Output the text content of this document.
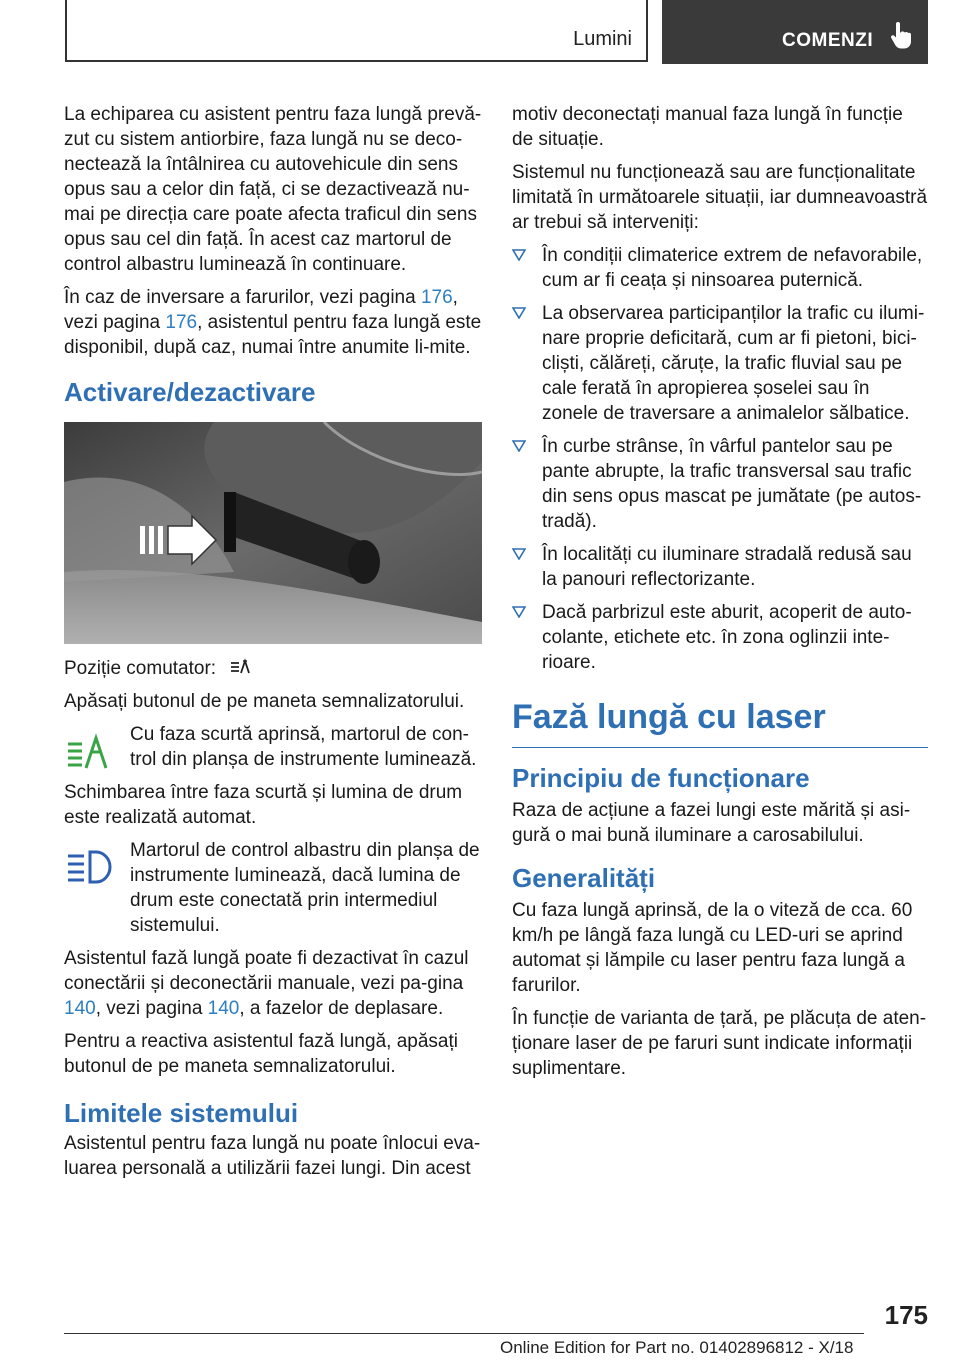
Lumini	COMENZI

La echiparea cu asistent pentru faza lungă prevă-zut cu sistem antiorbire, faza lungă nu se deco-nectează la întâlnirea cu autovehicule din sens opus sau a celor din față, ci se dezactivează nu-mai pe direcția care poate afecta traficul din sens opus sau cel din față. În acest caz martorul de control albastru luminează în continuare.

În caz de inversare a farurilor, vezi pagina 176, vezi pagina 176, asistentul pentru faza lungă este disponibil, după caz, numai între anumite li-mite.

Activare/dezactivare

Poziție comutator:

Apăsați butonul de pe maneta semnalizatorului.

Cu faza scurtă aprinsă, martorul de con-trol din planșa de instrumente luminează.

Schimbarea între faza scurtă și lumina de drum este realizată automat.

Martorul de control albastru din planșa de instrumente luminează, dacă lumina de drum este conectată prin intermediul sistemului.

Asistentul fază lungă poate fi dezactivat în cazul conectării și deconectării manuale, vezi pa-gina 140, vezi pagina 140, a fazelor de deplasare.

Pentru a reactiva asistentul fază lungă, apăsați butonul de pe maneta semnalizatorului.

Limitele sistemului

Asistentul pentru faza lungă nu poate înlocui eva-luarea personală a utilizării fazei lungi. Din acest

motiv deconectați manual faza lungă în funcție de situație.

Sistemul nu funcționează sau are funcționalitate limitată în următoarele situații, iar dumneavoastră ar trebui să interveniți:

În condiții climaterice extrem de nefavorabile, cum ar fi ceața și ninsoarea puternică.
La observarea participanților la trafic cu ilumi-nare proprie deficitară, cum ar fi pietoni, bici-cliști, călăreți, căruțe, la trafic fluvial sau pe cale ferată în apropierea șoselei sau în zonele de traversare a animalelor sălbatice.
În curbe strânse, în vârful pantelor sau pe pante abrupte, la trafic transversal sau trafic din sens opus mascat pe jumătate (pe autos-tradă).
În localități cu iluminare stradală redusă sau la panouri reflectorizante.
Dacă parbrizul este aburit, acoperit de auto-colante, etichete etc. în zona oglinzii inte-rioare.
Fază lungă cu laser
Principiu de funcționare

Raza de acțiune a fazei lungi este mărită și asi-gură o mai bună iluminare a carosabilului.

Generalități

Cu faza lungă aprinsă, de la o viteză de cca. 60 km/h pe lângă faza lungă cu LED-uri se aprind automat și lămpile cu laser pentru faza lungă a farurilor.

În funcție de varianta de țară, pe plăcuța de aten-ționare laser de pe faruri sunt indicate informații suplimentare.

175
Online Edition for Part no. 01402896812 - X/18
